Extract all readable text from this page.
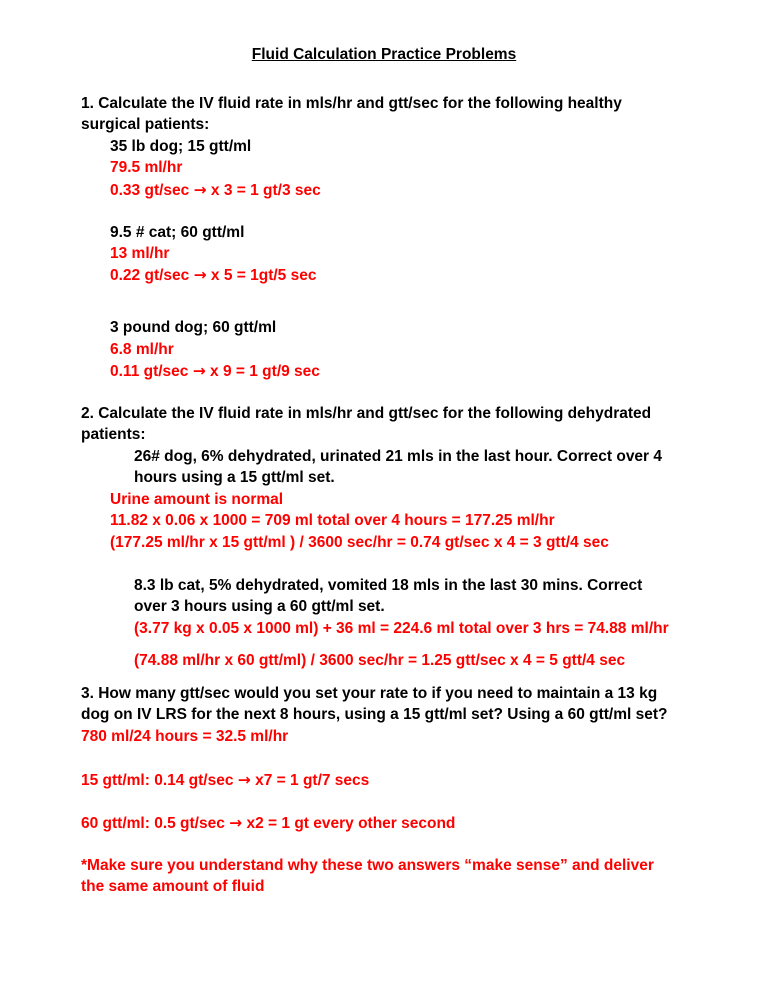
Fluid Calculation Practice Problems

1. Calculate the IV fluid rate in mls/hr and gtt/sec for the following healthy

surgical patients:

35 lb dog; 15 gtt/ml

79.5 ml/hr

0.33 gt/sec → x 3 = 1 gt/3 sec

9.5 # cat; 60 gtt/ml

13 ml/hr

0.22 gt/sec → x 5 = 1gt/5 sec

3 pound dog; 60 gtt/ml

6.8 ml/hr

0.11 gt/sec → x 9 = 1 gt/9 sec

2. Calculate the IV fluid rate in mls/hr and gtt/sec for the following dehydrated

patients:

26# dog, 6% dehydrated, urinated 21 mls in the last hour. Correct over 4

hours using a 15 gtt/ml set.

Urine amount is normal

11.82 x 0.06 x 1000 = 709 ml total over 4 hours = 177.25 ml/hr

(177.25 ml/hr x 15 gtt/ml ) / 3600 sec/hr = 0.74 gt/sec x 4 = 3 gtt/4 sec

8.3 lb cat, 5% dehydrated, vomited 18 mls in the last 30 mins. Correct

over 3 hours using a 60 gtt/ml set.

(3.77 kg x 0.05 x 1000 ml) + 36 ml = 224.6 ml total over 3 hrs = 74.88 ml/hr

(74.88 ml/hr x 60 gtt/ml) / 3600 sec/hr = 1.25 gtt/sec x 4 = 5 gtt/4 sec

3. How many gtt/sec would you set your rate to if you need to maintain a 13 kg

dog on IV LRS for the next 8 hours, using a 15 gtt/ml set? Using a 60 gtt/ml set?

780 ml/24 hours = 32.5 ml/hr

15 gtt/ml: 0.14 gt/sec → x7 = 1 gt/7 secs

60 gtt/ml: 0.5 gt/sec → x2 = 1 gt every other second

*Make sure you understand why these two answers “make sense” and deliver

the same amount of fluid
